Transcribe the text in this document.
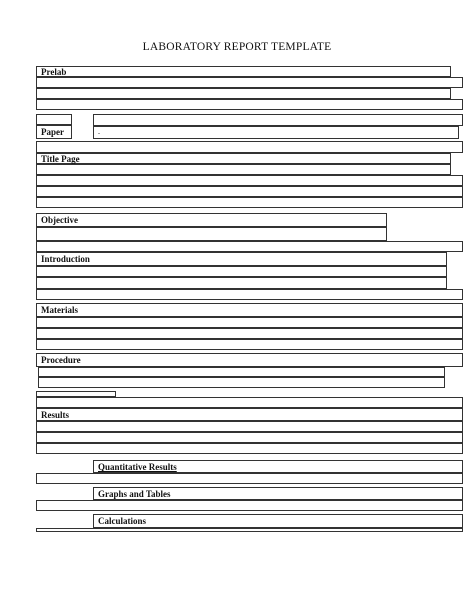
LABORATORY REPORT TEMPLATE
Prelab
Paper
Title Page
Objective
Introduction
Materials
Procedure
Results
Quantitative Results
Graphs and Tables
Calculations
.
